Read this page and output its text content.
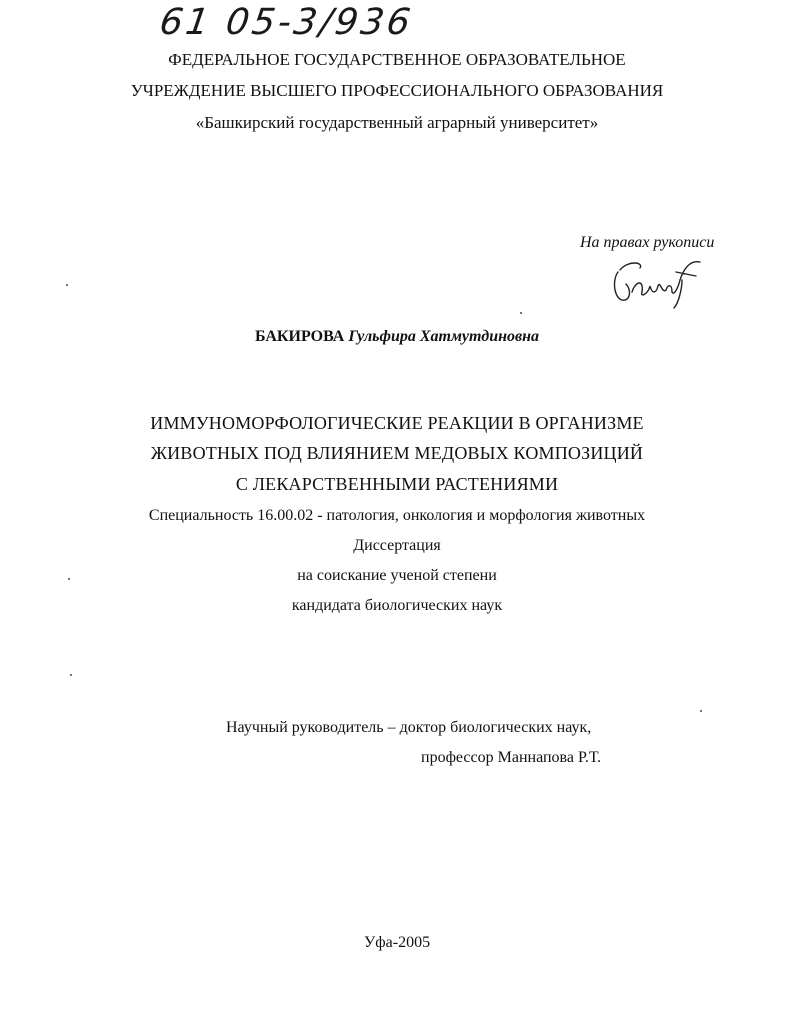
61 05-3/936
ФЕДЕРАЛЬНОЕ ГОСУДАРСТВЕННОЕ ОБРАЗОВАТЕЛЬНОЕ
УЧРЕЖДЕНИЕ ВЫСШЕГО ПРОФЕССИОНАЛЬНОГО ОБРАЗОВАНИЯ
«Башкирский государственный аграрный университет»
На правах рукописи
БАКИРОВА Гульфира Хатмутдиновна
ИММУНОМОРФОЛОГИЧЕСКИЕ РЕАКЦИИ В ОРГАНИЗМЕ
ЖИВОТНЫХ ПОД ВЛИЯНИЕМ МЕДОВЫХ КОМПОЗИЦИЙ
С ЛЕКАРСТВЕННЫМИ РАСТЕНИЯМИ
Специальность 16.00.02 - патология, онкология и морфология животных
Диссертация
на соискание ученой степени
кандидата биологических наук
Научный руководитель – доктор биологических наук,
профессор Маннапова Р.Т.
Уфа-2005
